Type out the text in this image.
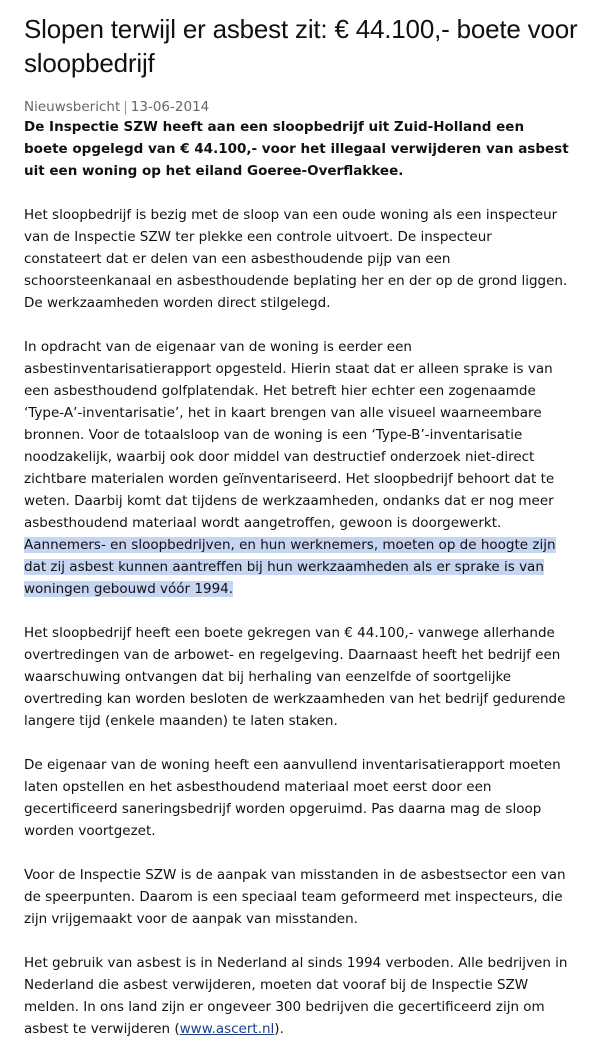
Slopen terwijl er asbest zit: € 44.100,- boete voor sloopbedrijf
Nieuwsbericht | 13-06-2014

De Inspectie SZW heeft aan een sloopbedrijf uit Zuid-Holland een boete opgelegd van € 44.100,- voor het illegaal verwijderen van asbest uit een woning op het eiland Goeree-Overflakkee.

Het sloopbedrijf is bezig met de sloop van een oude woning als een inspecteur van de Inspectie SZW ter plekke een controle uitvoert. De inspecteur constateert dat er delen van een asbesthoudende pijp van een schoorsteenkanaal en asbesthoudende beplating her en der op de grond liggen. De werkzaamheden worden direct stilgelegd.

In opdracht van de eigenaar van de woning is eerder een asbestinventarisatierapport opgesteld. Hierin staat dat er alleen sprake is van een asbesthoudend golfplatendak. Het betreft hier echter een zogenaamde ‘Type-A’-inventarisatie’, het in kaart brengen van alle visueel waarneembare bronnen. Voor de totaalsloop van de woning is een ‘Type-B’-inventarisatie noodzakelijk, waarbij ook door middel van destructief onderzoek niet-direct zichtbare materialen worden geïnventariseerd. Het sloopbedrijf behoort dat te weten. Daarbij komt dat tijdens de werkzaamheden, ondanks dat er nog meer asbesthoudend materiaal wordt aangetroffen, gewoon is doorgewerkt. Aannemers- en sloopbedrijven, en hun werknemers, moeten op de hoogte zijn dat zij asbest kunnen aantreffen bij hun werkzaamheden als er sprake is van woningen gebouwd vóór 1994.

Het sloopbedrijf heeft een boete gekregen van € 44.100,- vanwege allerhande overtredingen van de arbowet- en regelgeving. Daarnaast heeft het bedrijf een waarschuwing ontvangen dat bij herhaling van eenzelfde of soortgelijke overtreding kan worden besloten de werkzaamheden van het bedrijf gedurende langere tijd (enkele maanden) te laten staken.

De eigenaar van de woning heeft een aanvullend inventarisatierapport moeten laten opstellen en het asbesthoudend materiaal moet eerst door een gecertificeerd saneringsbedrijf worden opgeruimd. Pas daarna mag de sloop worden voortgezet.

Voor de Inspectie SZW is de aanpak van misstanden in de asbestsector een van de speerpunten. Daarom is een speciaal team geformeerd met inspecteurs, die zijn vrijgemaakt voor de aanpak van misstanden.

Het gebruik van asbest is in Nederland al sinds 1994 verboden. Alle bedrijven in Nederland die asbest verwijderen, moeten dat vooraf bij de Inspectie SZW melden. In ons land zijn er ongeveer 300 bedrijven die gecertificeerd zijn om asbest te verwijderen (www.ascert.nl).
